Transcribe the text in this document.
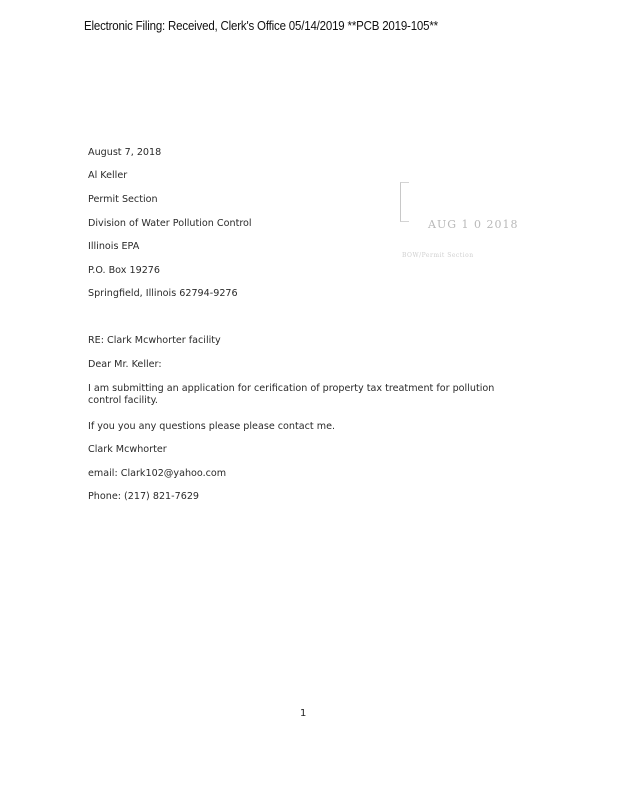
Electronic Filing: Received, Clerk's Office 05/14/2019 **PCB 2019-105**
AUG 1 0 2018
BOW/Permit Section
August 7, 2018
Al Keller
Permit Section
Division of Water Pollution Control
Illinois EPA
P.O. Box 19276
Springfield, Illinois 62794-9276
RE: Clark Mcwhorter facility
Dear Mr. Keller:
I am submitting an application for cerification of property tax treatment for pollution control facility.
If you you any questions please please contact me.
Clark Mcwhorter
email: Clark102@yahoo.com
Phone: (217) 821-7629
1
